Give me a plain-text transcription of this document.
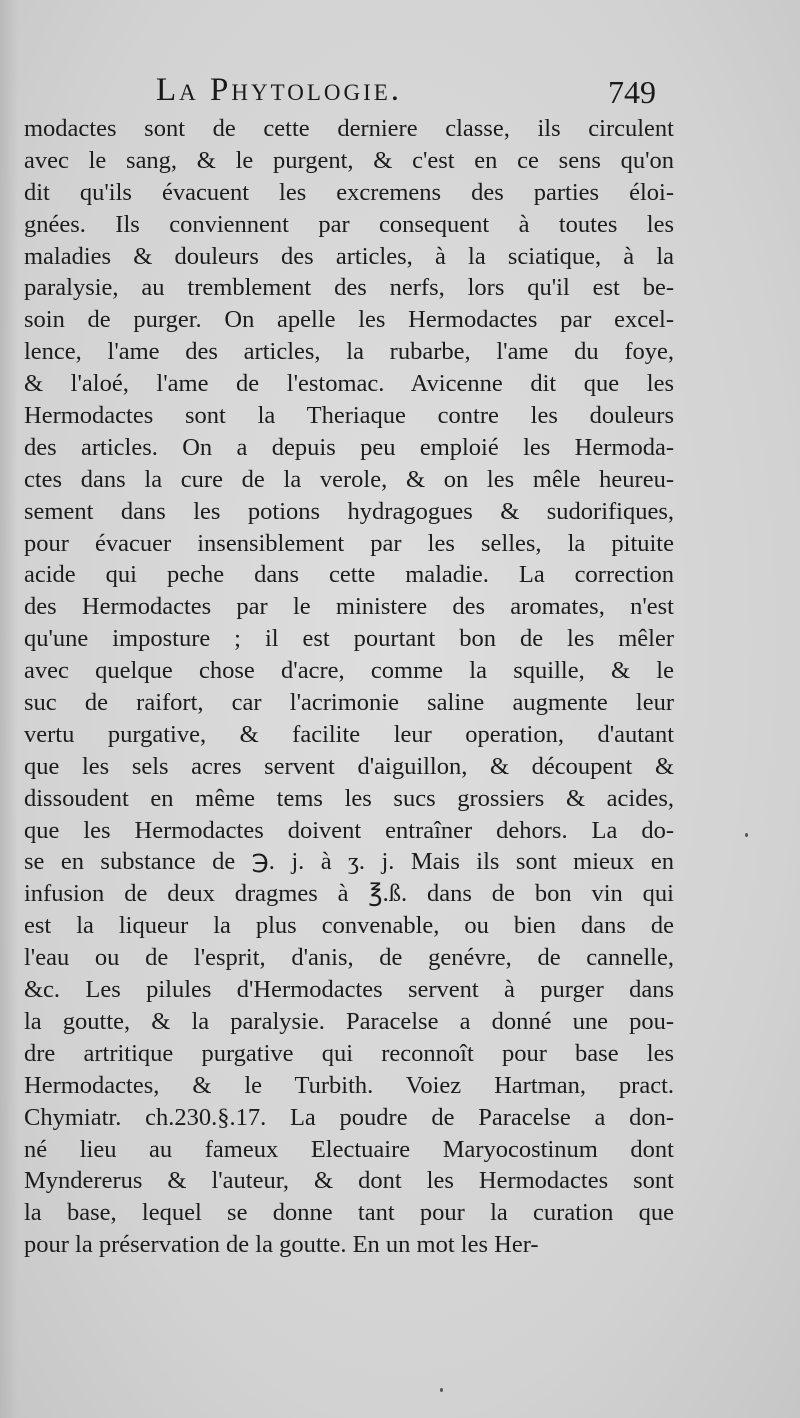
La Phytologie.	749
modactes sont de cette derniere classe, ils circulent
avec le sang, & le purgent, & c'est en ce sens qu'on
dit qu'ils évacuent les excremens des parties éloi-
gnées. Ils conviennent par consequent à toutes les
maladies & douleurs des articles, à la sciatique, à la
paralysie, au tremblement des nerfs, lors qu'il est be-
soin de purger. On apelle les Hermodactes par excel-
lence, l'ame des articles, la rubarbe, l'ame du foye,
& l'aloé, l'ame de l'estomac. Avicenne dit que les
Hermodactes sont la Theriaque contre les douleurs
des articles. On a depuis peu emploié les Hermoda-
ctes dans la cure de la verole, & on les mêle heureu-
sement dans les potions hydragogues & sudorifiques,
pour évacuer insensiblement par les selles, la pituite
acide qui peche dans cette maladie. La correction
des Hermodactes par le ministere des aromates, n'est
qu'une imposture ; il est pourtant bon de les mêler
avec quelque chose d'acre, comme la squille, & le
suc de raifort, car l'acrimonie saline augmente leur
vertu purgative, & facilite leur operation, d'autant
que les sels acres servent d'aiguillon, & découpent &
dissoudent en même tems les sucs grossiers & acides,
que les Hermodactes doivent entraîner dehors. La do-
se en substance de ℈. j. à ʒ. j. Mais ils sont mieux en
infusion de deux dragmes à ℥.ß. dans de bon vin qui
est la liqueur la plus convenable, ou bien dans de
l'eau ou de l'esprit, d'anis, de genévre, de cannelle,
&c. Les pilules d'Hermodactes servent à purger dans
la goutte, & la paralysie. Paracelse a donné une pou-
dre artritique purgative qui reconnoît pour base les
Hermodactes, & le Turbith. Voiez Hartman, pract.
Chymiatr. ch.230.§.17. La poudre de Paracelse a don-
né lieu au fameux Electuaire Maryocostinum dont
Myndererus & l'auteur, & dont les Hermodactes sont
la base, lequel se donne tant pour la curation que
pour la préservation de la goutte. En un mot les Her-
